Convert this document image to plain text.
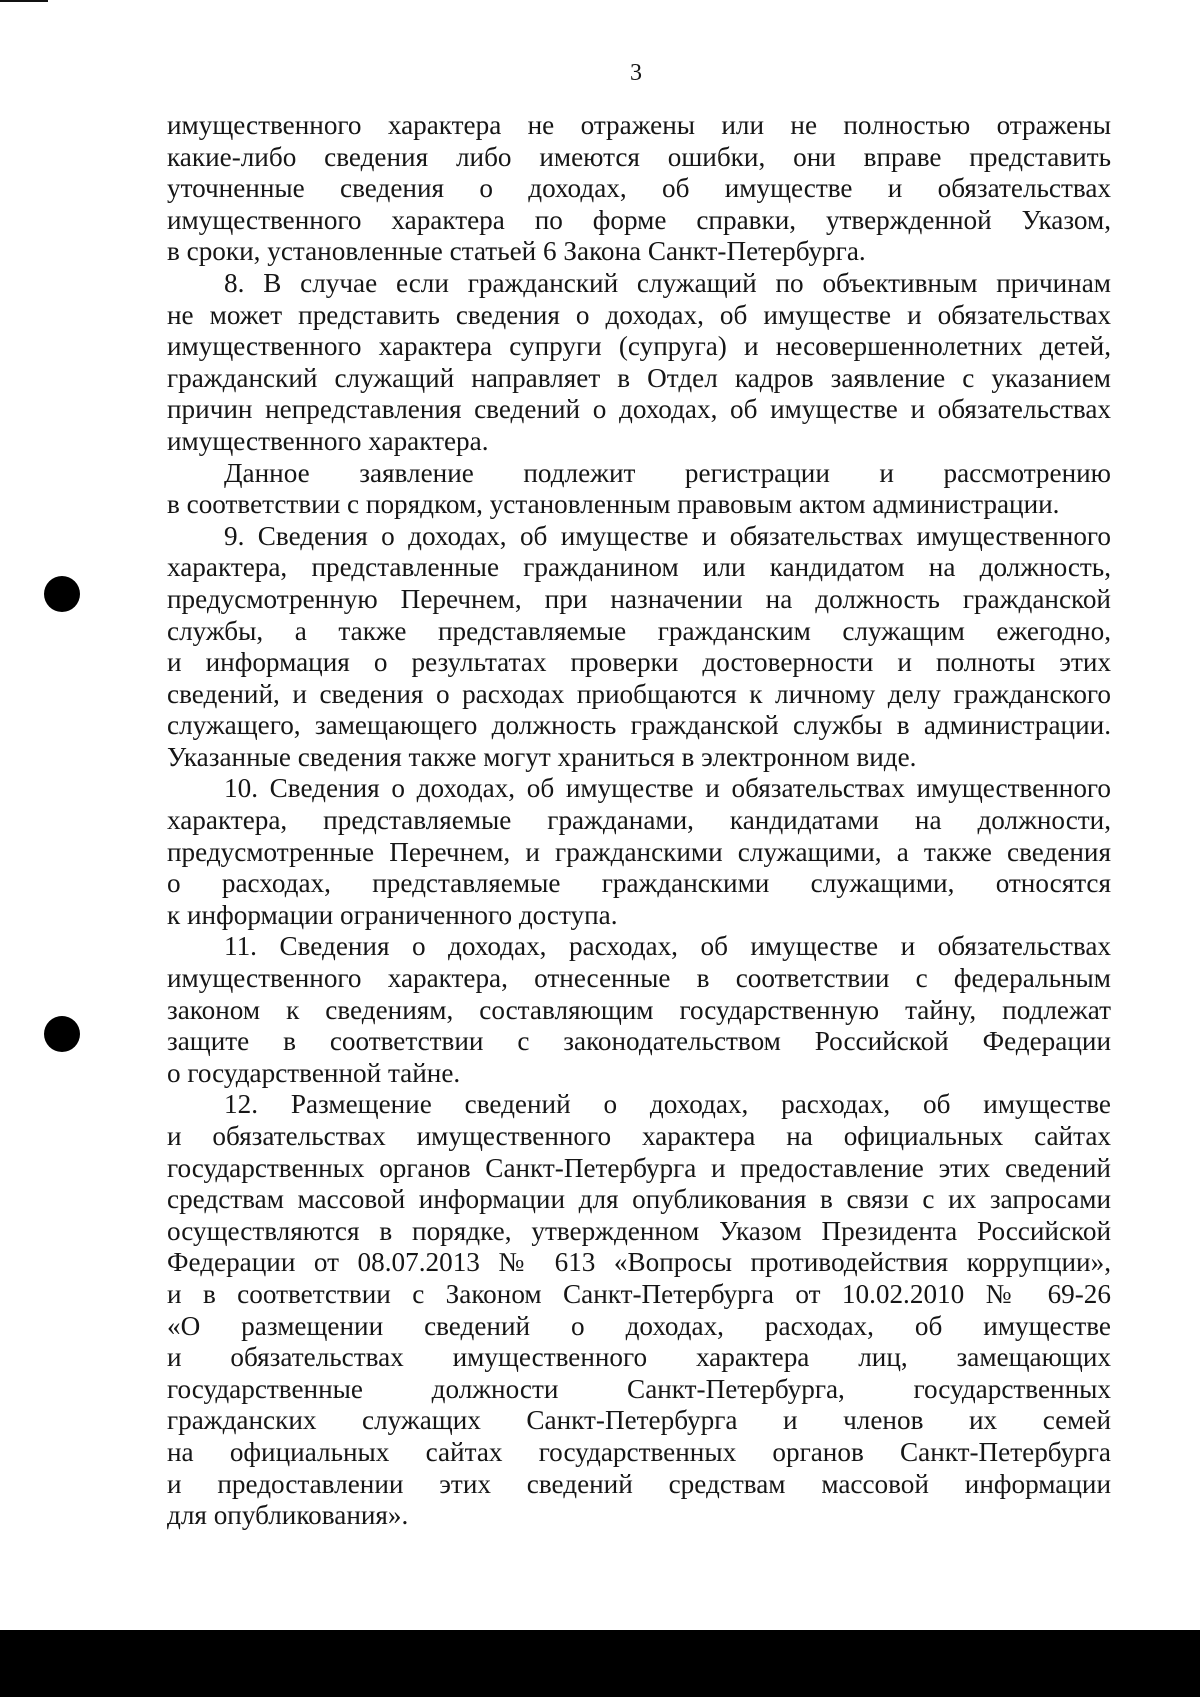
3
имущественного характера не отражены или не полностью отражены
какие-либо сведения либо имеются ошибки, они вправе представить
уточненные сведения о доходах, об имуществе и обязательствах
имущественного характера по форме справки, утвержденной Указом,
в сроки, установленные статьей 6 Закона Санкт-Петербурга.
8. В случае если гражданский служащий по объективным причинам
не может представить сведения о доходах, об имуществе и обязательствах
имущественного характера супруги (супруга) и несовершеннолетних детей,
гражданский служащий направляет в Отдел кадров заявление с указанием
причин непредставления сведений о доходах, об имуществе и обязательствах
имущественного характера.
Данное заявление подлежит регистрации и рассмотрению
в соответствии с порядком, установленным правовым актом администрации.
9. Сведения о доходах, об имуществе и обязательствах имущественного
характера, представленные гражданином или кандидатом на должность,
предусмотренную Перечнем, при назначении на должность гражданской
службы, а также представляемые гражданским служащим ежегодно,
и информация о результатах проверки достоверности и полноты этих
сведений, и сведения о расходах приобщаются к личному делу гражданского
служащего, замещающего должность гражданской службы в администрации.
Указанные сведения также могут храниться в электронном виде.
10. Сведения о доходах, об имуществе и обязательствах имущественного
характера, представляемые гражданами, кандидатами на должности,
предусмотренные Перечнем, и гражданскими служащими, а также сведения
о расходах, представляемые гражданскими служащими, относятся
к информации ограниченного доступа.
11. Сведения о доходах, расходах, об имуществе и обязательствах
имущественного характера, отнесенные в соответствии с федеральным
законом к сведениям, составляющим государственную тайну, подлежат
защите в соответствии с законодательством Российской Федерации
о государственной тайне.
12. Размещение сведений о доходах, расходах, об имуществе
и обязательствах имущественного характера на официальных сайтах
государственных органов Санкт-Петербурга и предоставление этих сведений
средствам массовой информации для опубликования в связи с их запросами
осуществляются в порядке, утвержденном Указом Президента Российской
Федерации от 08.07.2013 № 613 «Вопросы противодействия коррупции»,
и в соответствии с Законом Санкт-Петербурга от 10.02.2010 № 69-26
«О размещении сведений о доходах, расходах, об имуществе
и обязательствах имущественного характера лиц, замещающих
государственные должности Санкт-Петербурга, государственных
гражданских служащих Санкт-Петербурга и членов их семей
на официальных сайтах государственных органов Санкт-Петербурга
и предоставлении этих сведений средствам массовой информации
для опубликования».
